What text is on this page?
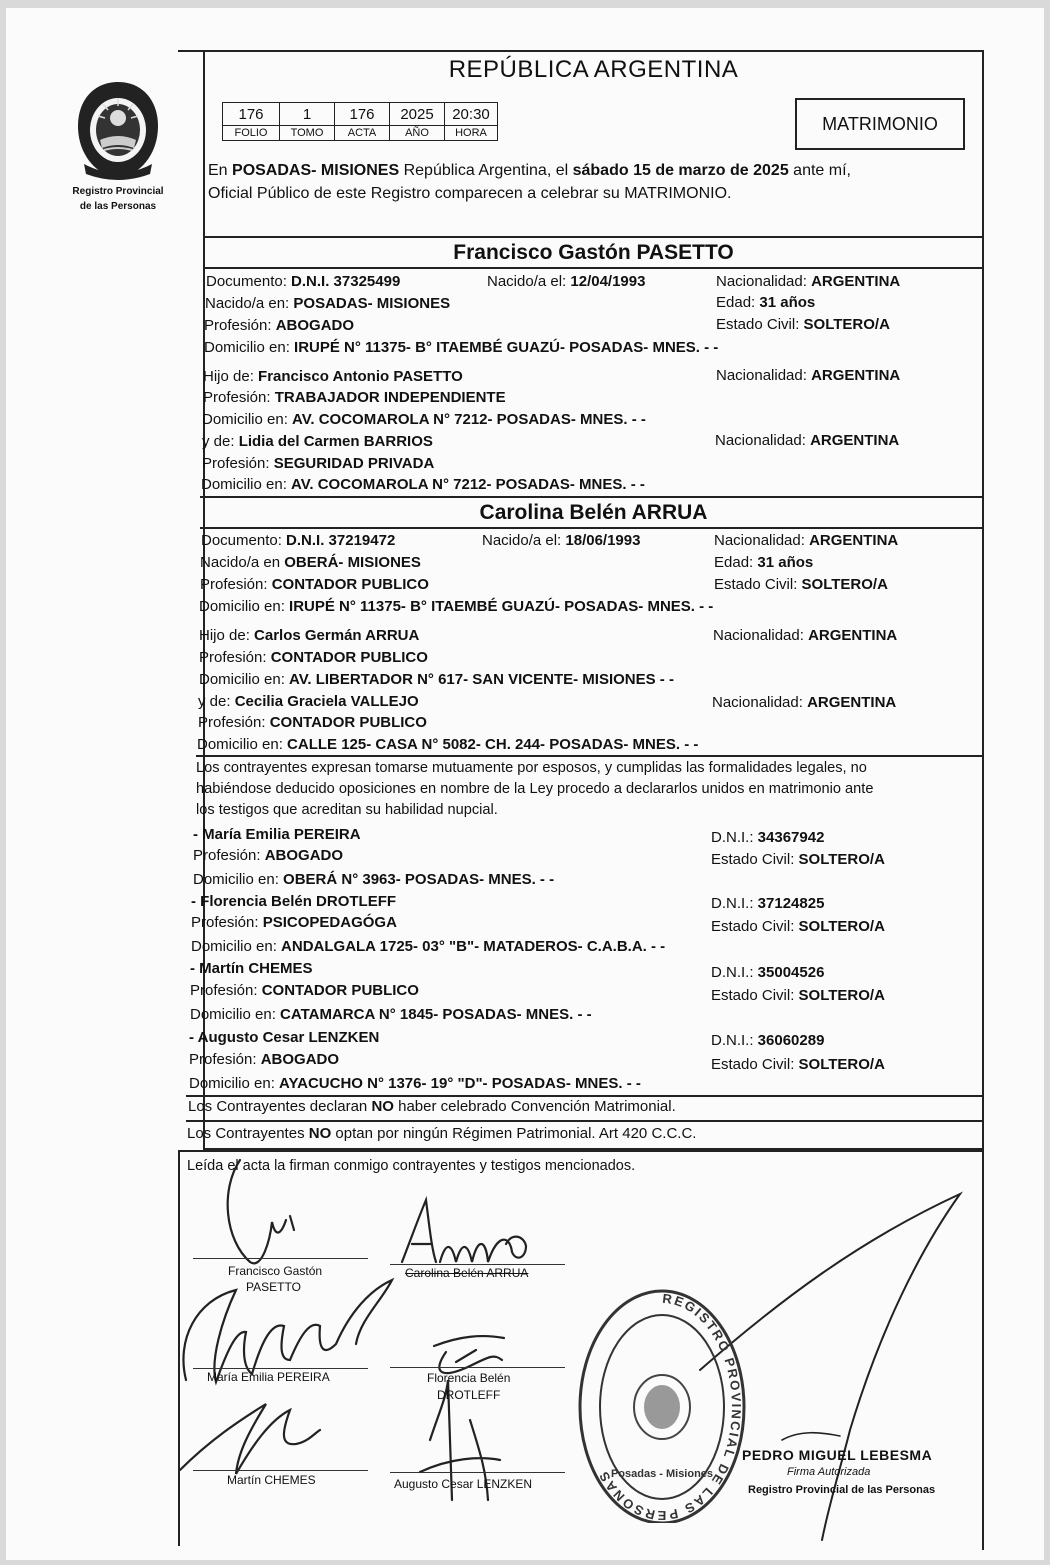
Registro Provincial
de las Personas
REPÚBLICA ARGENTINA
176	1	176	2025	20:30
FOLIO	TOMO	ACTA	AÑO	HORA	MATRIMONIO
En POSADAS- MISIONES República Argentina, el sábado 15 de marzo de 2025 ante mí,
Oficial Público de este Registro comparecen a celebrar su MATRIMONIO.
Francisco Gastón PASETTO
Documento: D.N.I. 37325499	Nacido/a el: 12/04/1993	Nacionalidad: ARGENTINA
Nacido/a en: POSADAS- MISIONES	Edad: 31 años
Profesión: ABOGADO	Estado Civil: SOLTERO/A
Domicilio en: IRUPÉ N° 11375- B° ITAEMBÉ GUAZÚ- POSADAS- MNES. - -
Hijo de: Francisco Antonio PASETTO	Nacionalidad: ARGENTINA
Profesión: TRABAJADOR INDEPENDIENTE
Domicilio en: AV. COCOMAROLA N° 7212- POSADAS- MNES. - -
y de: Lidia del Carmen BARRIOS	Nacionalidad: ARGENTINA
Profesión: SEGURIDAD PRIVADA
Domicilio en: AV. COCOMAROLA N° 7212- POSADAS- MNES. - -
Carolina Belén ARRUA
Documento: D.N.I. 37219472	Nacido/a el: 18/06/1993	Nacionalidad: ARGENTINA
Nacido/a en OBERÁ- MISIONES	Edad: 31 años
Profesión: CONTADOR PUBLICO	Estado Civil: SOLTERO/A
Domicilio en: IRUPÉ N° 11375- B° ITAEMBÉ GUAZÚ- POSADAS- MNES. - -
Hijo de: Carlos Germán ARRUA	Nacionalidad: ARGENTINA
Profesión: CONTADOR PUBLICO
Domicilio en: AV. LIBERTADOR N° 617- SAN VICENTE- MISIONES - -
y de: Cecilia Graciela VALLEJO	Nacionalidad: ARGENTINA
Profesión: CONTADOR PUBLICO
Domicilio en: CALLE 125- CASA N° 5082- CH. 244- POSADAS- MNES. - -
Los contrayentes expresan tomarse mutuamente por esposos, y cumplidas las formalidades legales, no
habiéndose deducido oposiciones en nombre de la Ley procedo a declararlos unidos en matrimonio ante
los testigos que acreditan su habilidad nupcial.
- María Emilia PEREIRA	D.N.I.: 34367942
Profesión: ABOGADO	Estado Civil: SOLTERO/A
Domicilio en: OBERÁ N° 3963- POSADAS- MNES. - -
- Florencia Belén DROTLEFF	D.N.I.: 37124825
Profesión: PSICOPEDAGÓGA	Estado Civil: SOLTERO/A
Domicilio en: ANDALGALA 1725- 03° "B"- MATADEROS- C.A.B.A. - -
- Martín CHEMES	D.N.I.: 35004526
Profesión: CONTADOR PUBLICO	Estado Civil: SOLTERO/A
Domicilio en: CATAMARCA N° 1845- POSADAS- MNES. - -
- Augusto Cesar LENZKEN	D.N.I.: 36060289
Profesión: ABOGADO	Estado Civil: SOLTERO/A
Domicilio en: AYACUCHO N° 1376- 19° "D"- POSADAS- MNES. - -
Los Contrayentes declaran NO haber celebrado Convención Matrimonial.
Los Contrayentes NO optan por ningún Régimen Patrimonial. Art 420 C.C.C.
Leída el acta la firman conmigo contrayentes y testigos mencionados.
Francisco Gastón
PASETTO
Carolina Belén ARRUA
María Emilia PEREIRA	Florencia Belén
DROTLEFF
Martín CHEMES	Augusto Cesar LENZKEN
REGISTRO PROVINCIAL DE LAS PERSONAS
Posadas - Misiones
PEDRO MIGUEL LEBESMA
Firma Autorizada
Registro Provincial de las Personas
